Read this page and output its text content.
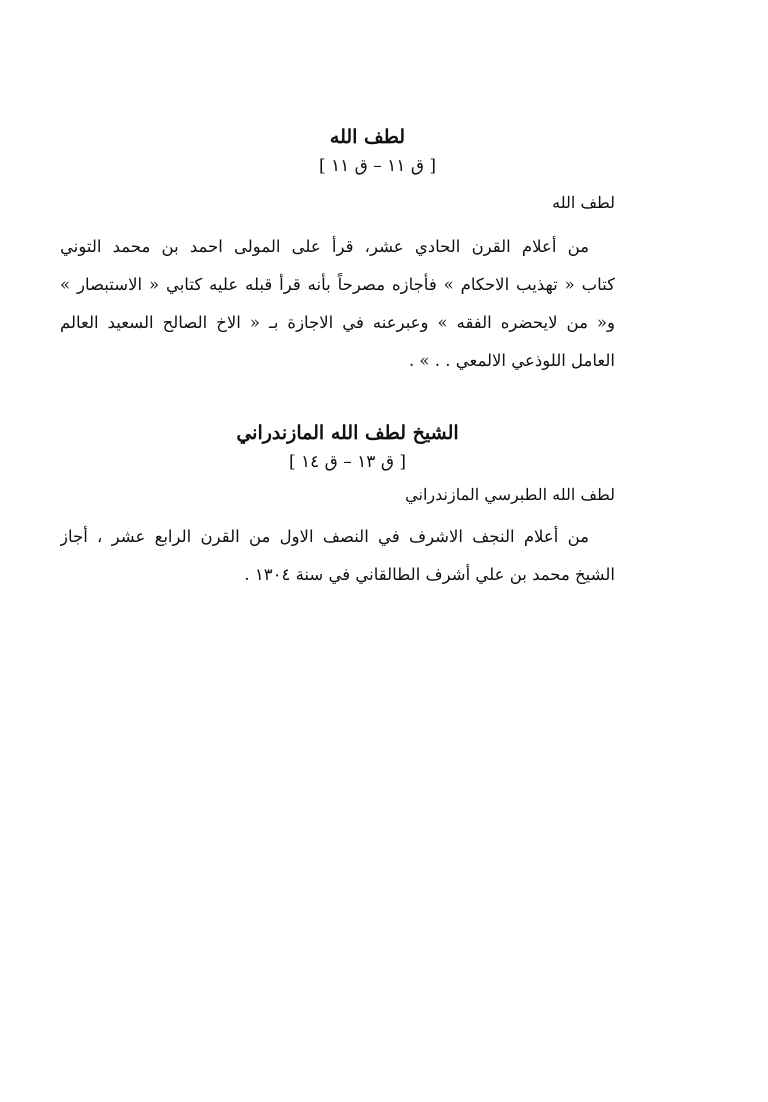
لطف الله
[ ق ١١ – ق ١١ ]
لطف الله
من أعلام القرن الحادي عشر، قرأ على المولى احمد بن محمد التوني
كتاب « تهذيب الاحكام » فأجازه مصرحاً بأنه قرأ قبله عليه كتابي « الاستبصار »
و« من لايحضره الفقه » وعبرعنه في الاجازة بـ « الاخ الصالح السعيد العالم
العامل اللوذعي الالمعي . . » .
الشيخ لطف الله المازندراني
[ ق ١٣ – ق ١٤ ]
لطف الله الطبرسي المازندراني
من أعلام النجف الاشرف في النصف الاول من القرن الرابع عشر ، أجاز
الشيخ محمد بن علي أشرف الطالقاني في سنة ١٣٠٤ .
